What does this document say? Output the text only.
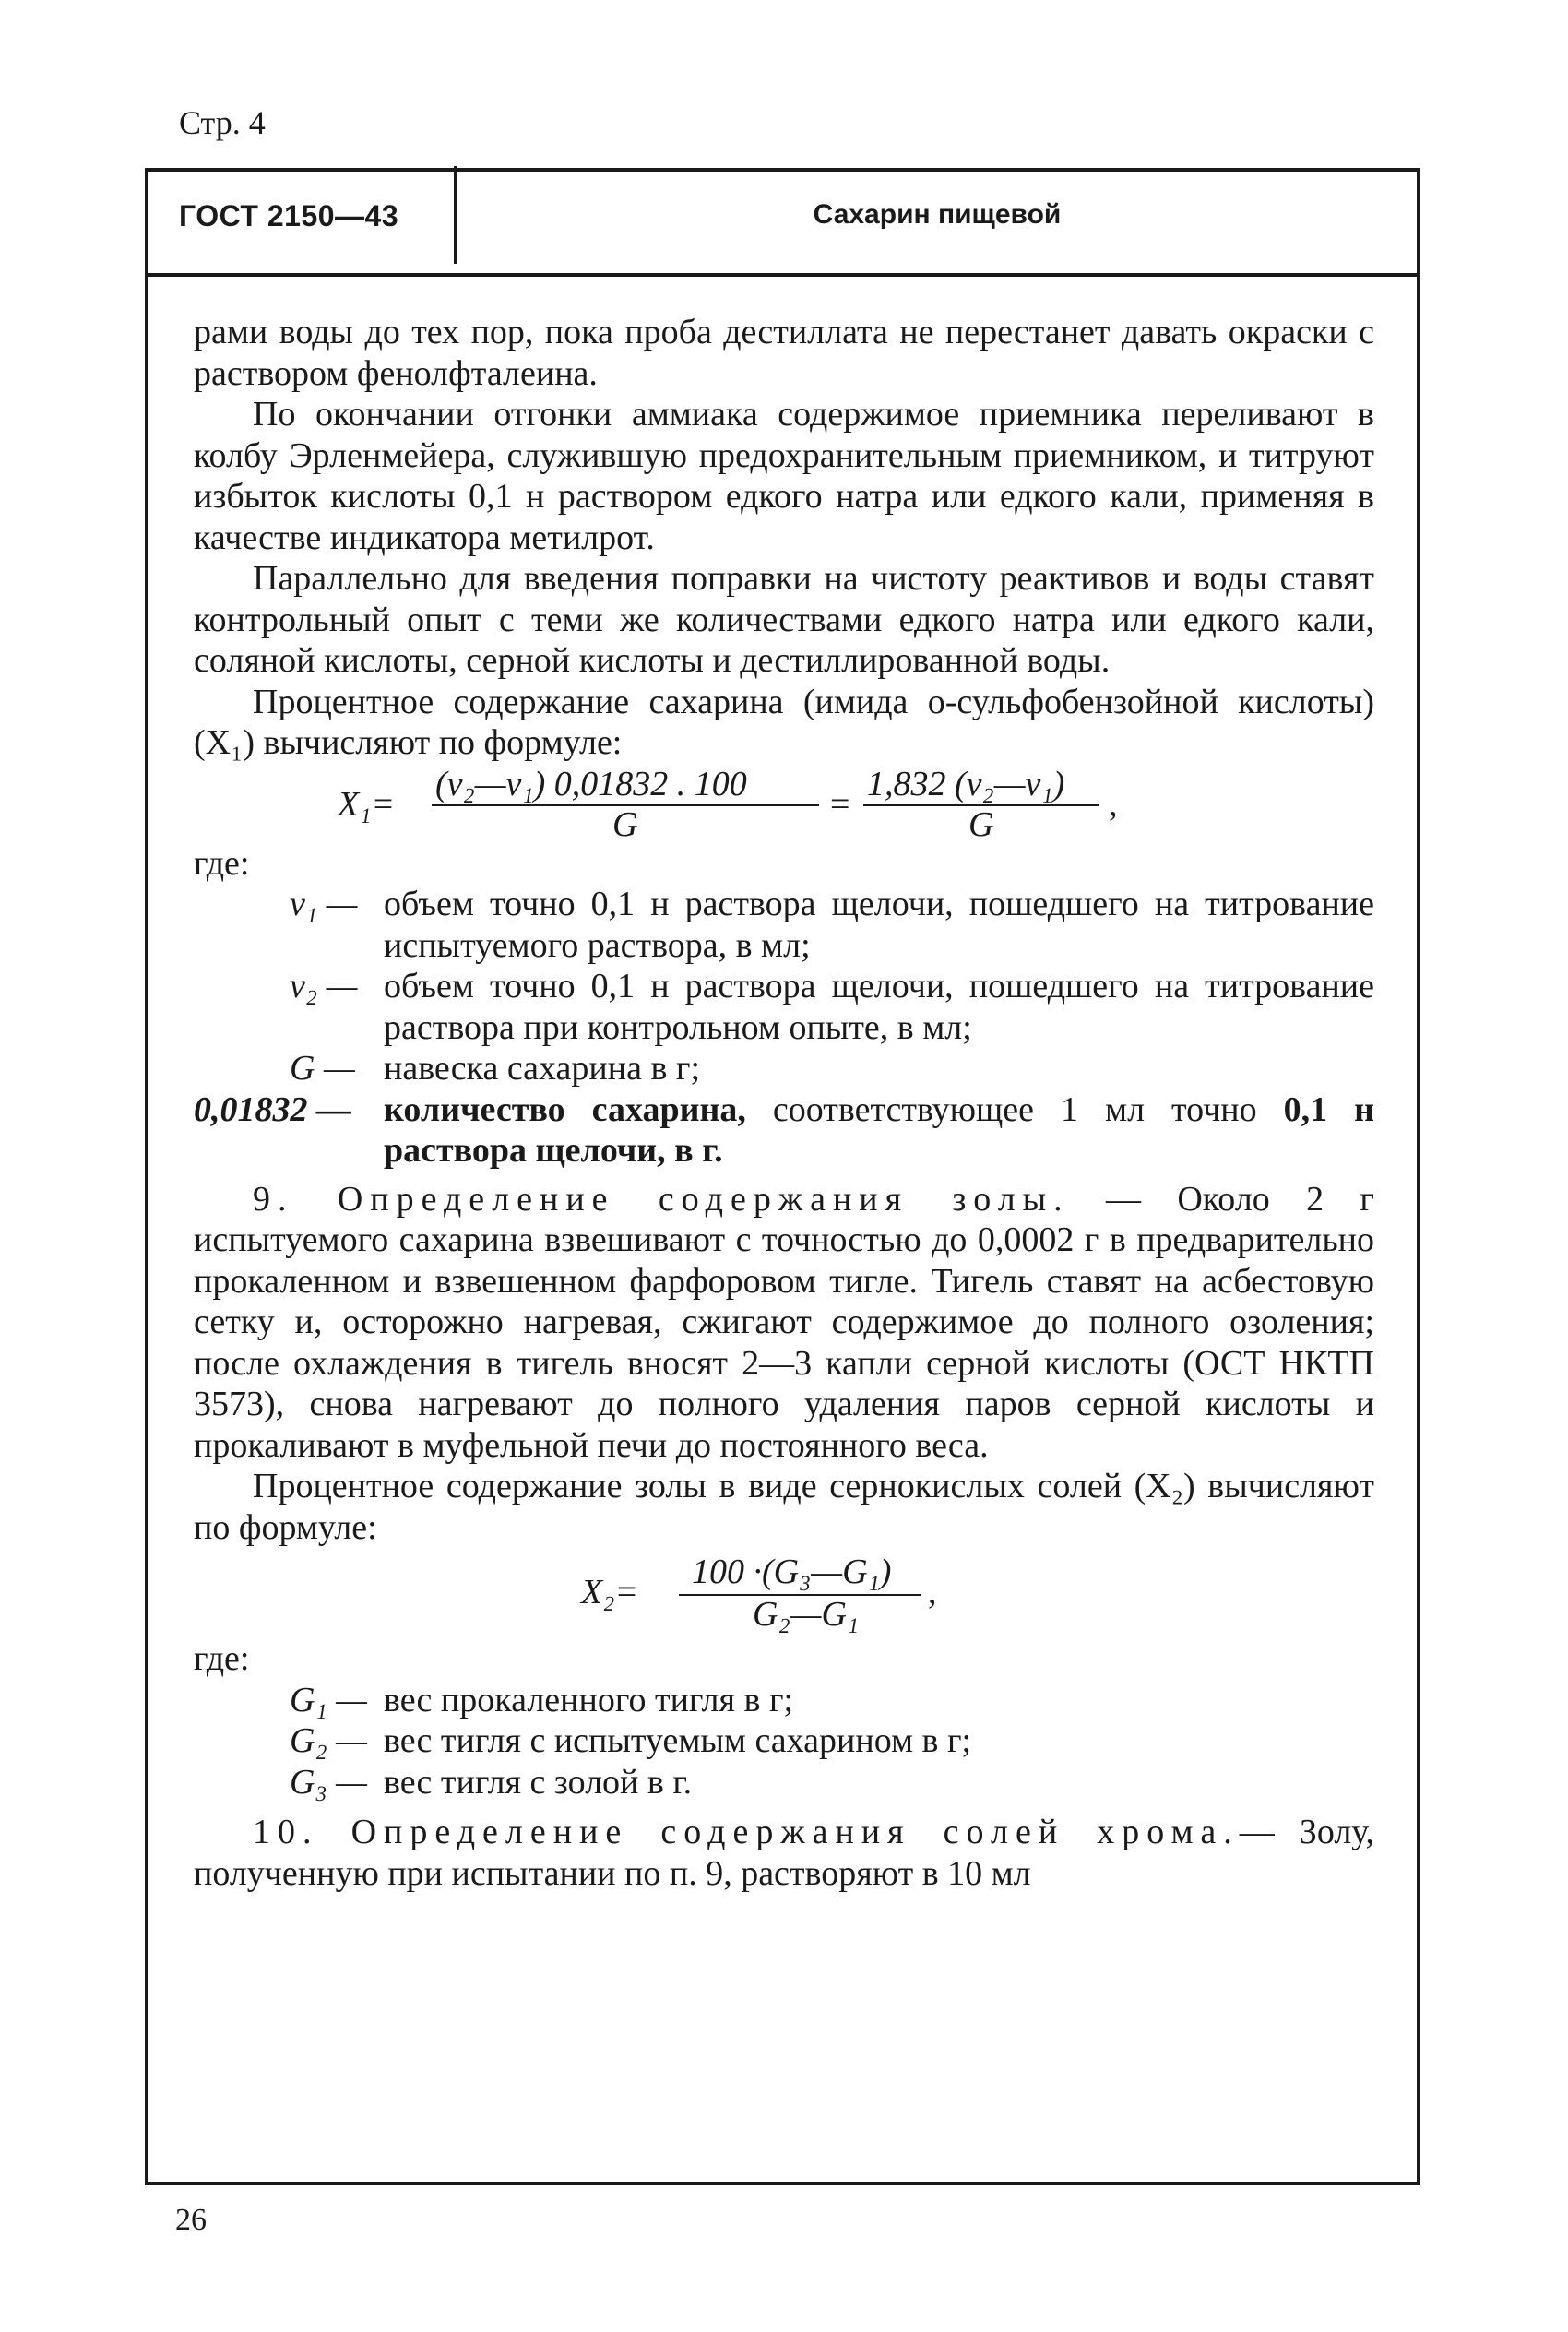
Стр. 4
ГОСТ 2150—43	Сахарин пищевой

рами воды до тех пор, пока проба дестиллата не перестанет давать окраски с раствором фенолфталеина.

По окончании отгонки аммиака содержимое приемника переливают в колбу Эрленмейера, служившую предохранительным приемником, и титруют избыток кислоты 0,1 н раствором едкого натра или едкого кали, применяя в качестве индикатора метилрот.

Параллельно для введения поправки на чистоту реактивов и воды ставят контрольный опыт с теми же количествами едкого натра или едкого кали, соляной кислоты, серной кислоты и дестиллированной воды.

Процентное содержание сахарина (имида о-сульфобензойной кислоты) (X₁) вычисляют по формуле:

X₁=
(v₂—v₁) 0,01832 . 100
G
=
1,832 (v₂—v₁)
G
,

где:

v₁ — объем точно 0,1 н раствора щелочи, пошедшего на титрование испытуемого раствора, в мл;
v₂ — объем точно 0,1 н раствора щелочи, пошедшего на титрование раствора при контрольном опыте, в мл;
G — навеска сахарина в г;
0,01832 — количество сахарина, соответствующее 1 мл точно 0,1 н раствора щелочи, в г.

9. Определение содержания золы. — Около 2 г испытуемого сахарина взвешивают с точностью до 0,0002 г в предварительно прокаленном и взвешенном фарфоровом тигле. Тигель ставят на асбестовую сетку и, осторожно нагревая, сжигают содержимое до полного озоления; после охлаждения в тигель вносят 2—3 капли серной кислоты (ОСТ НКТП 3573), снова нагревают до полного удаления паров серной кислоты и прокаливают в муфельной печи до постоянного веса.

Процентное содержание золы в виде сернокислых солей (X₂) вычисляют по формуле:

X₂=
100 ·(G₃—G₁)
G₂—G₁
,

где:

G₁ — вес прокаленного тигля в г;
G₂ — вес тигля с испытуемым сахарином в г;
G₃ — вес тигля с золой в г.

10. Определение содержания солей хрома.— Золу, полученную при испытании по п. 9, растворяют в 10 мл

26
